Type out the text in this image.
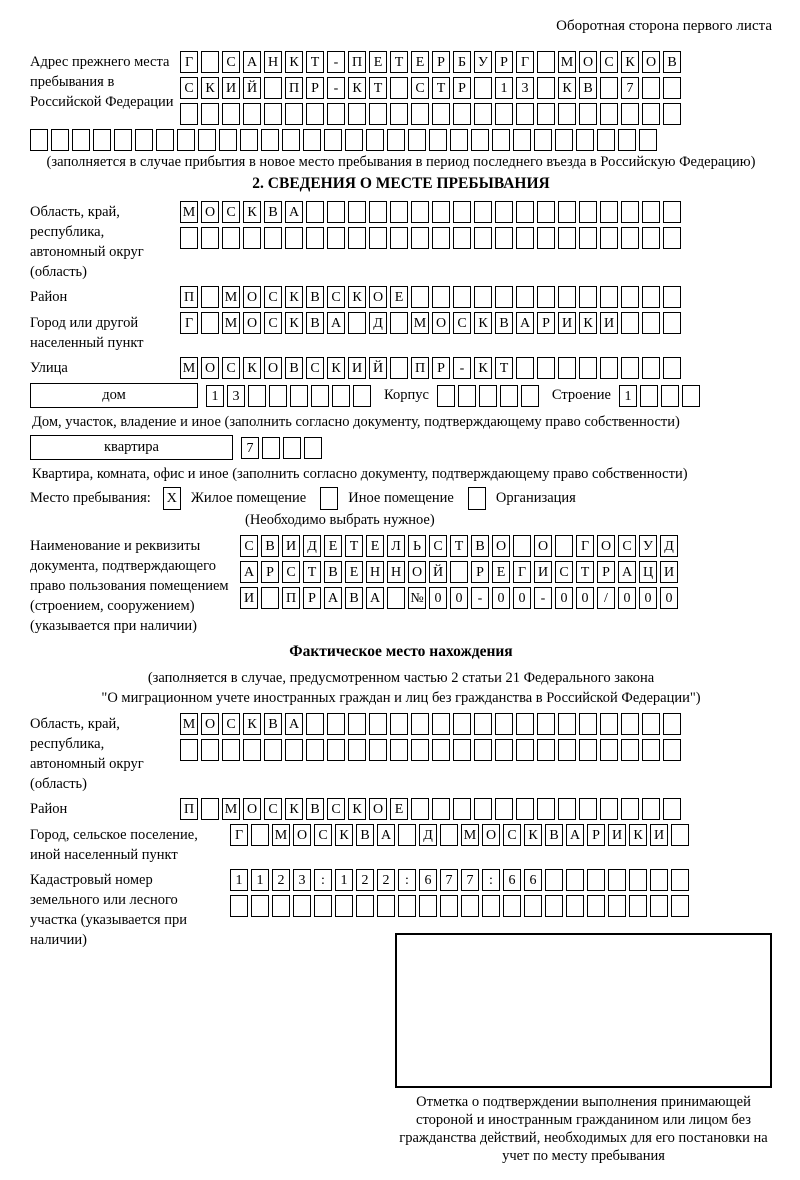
Оборотная сторона первого листа
Адрес прежнего места пребывания в Российской Федерации
Г	С А Н К Т	- П Е Т Е Р Б У Р Г	М О С К О В
С К И Й П Р	-	К Т	С Т Р	1	3	К В	7
(заполняется в случае прибытия в новое место пребывания в период последнего въезда в Российскую Федерацию)
2. СВЕДЕНИЯ О МЕСТЕ ПРЕБЫВАНИЯ
Область, край, республика, автономный округ (область)
М О С К В А
Район	П М О С К В С К О Е
Город или другой населенный пункт
Г	М О С К В А	Д	М О С К В А Р И К И
Улица	М О С К О В С К И Й П Р	-	К Т
дом	1	3	Корпус	Строение 1
Дом, участок, владение и иное (заполнить согласно документу, подтверждающему право собственности)
квартира	7
Квартира, комната, офис и иное (заполнить согласно документу, подтверждающему право собственности)
Место пребывания: X Жилое помещение	Иное помещение	Организация
(Необходимо выбрать нужное)
Наименование и реквизиты документа, подтверждающего право пользования помещением (строением, сооружением) (указывается при наличии)
С В И Д Е Т Е Л Ь С Т В О О	Г О С У Д
А Р С Т В Е Н Н О Й	Р Е Г И С Т Р А Ц И
И П Р А В А № 0	0	-	0	0	-	0	0	/	0	0	0
Фактическое место нахождения
(заполняется в случае, предусмотренном частью 2 статьи 21 Федерального закона
"О миграционном учете иностранных граждан и лиц без гражданства в Российской Федерации")
Область, край, республика, автономный округ (область)
М О С К В А
Район	П М О С К В С К О Е
Город, сельское поселение, иной населенный пункт
Г	М О С К В А	Д	М О С К В А Р И К И
Кадастровый номер земельного или лесного участка (указывается при наличии)
1	1	2	3	:	1	2	2	:	6	7	7	:	6	6
Отметка о подтверждении выполнения принимающей стороной и иностранным гражданином или лицом без гражданства действий, необходимых для его постановки на учет по месту пребывания
